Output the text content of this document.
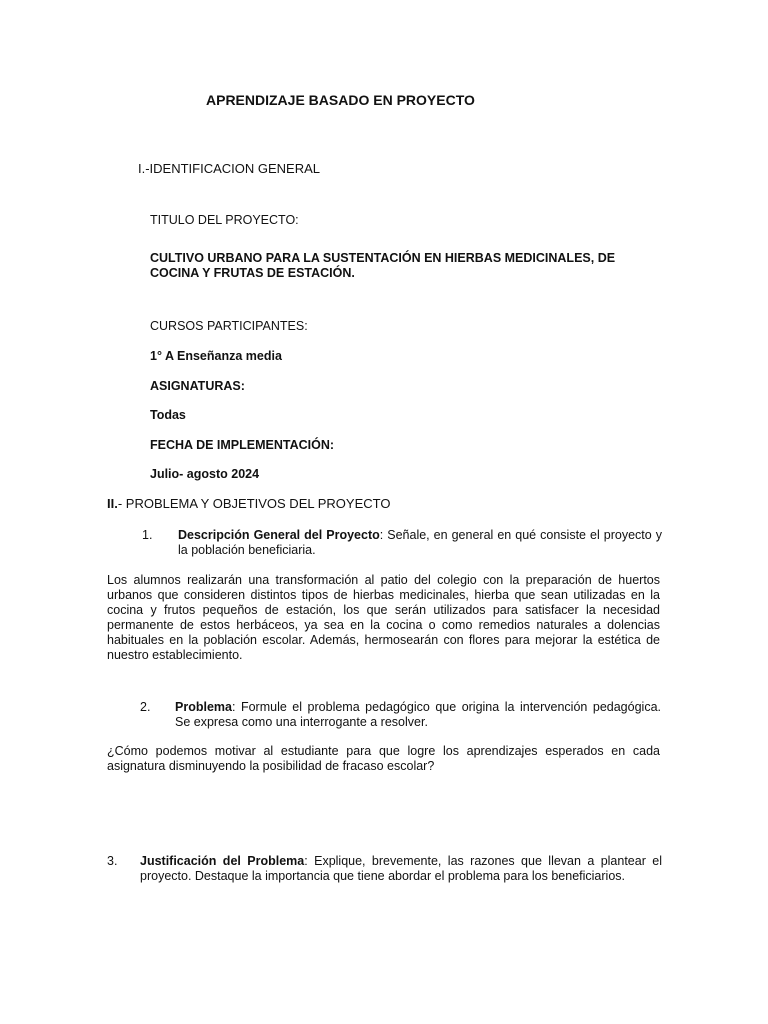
APRENDIZAJE BASADO EN PROYECTO
I.-IDENTIFICACION GENERAL
TITULO DEL PROYECTO:
CULTIVO URBANO PARA LA SUSTENTACIÓN EN HIERBAS MEDICINALES, DE COCINA Y FRUTAS DE ESTACIÓN.
CURSOS PARTICIPANTES:
1° A Enseñanza media
ASIGNATURAS:
Todas
FECHA DE IMPLEMENTACIÓN:
Julio- agosto 2024
II.- PROBLEMA Y OBJETIVOS DEL PROYECTO
1. Descripción General del Proyecto: Señale, en general en qué consiste el proyecto y la población beneficiaria.
Los alumnos realizarán una transformación al patio del colegio con la preparación de huertos urbanos que consideren distintos tipos de hierbas medicinales, hierba que sean utilizadas en la cocina y frutos pequeños de estación, los que serán utilizados para satisfacer la necesidad permanente de estos herbáceos, ya sea en la cocina o como remedios naturales a dolencias habituales en la población escolar. Además, hermosearán con flores para mejorar la estética de nuestro establecimiento.
2. Problema: Formule el problema pedagógico que origina la intervención pedagógica. Se expresa como una interrogante a resolver.
¿Cómo podemos motivar al estudiante para que logre los aprendizajes esperados en cada asignatura disminuyendo la posibilidad de fracaso escolar?
3. Justificación del Problema: Explique, brevemente, las razones que llevan a plantear el proyecto. Destaque la importancia que tiene abordar el problema para los beneficiarios.
